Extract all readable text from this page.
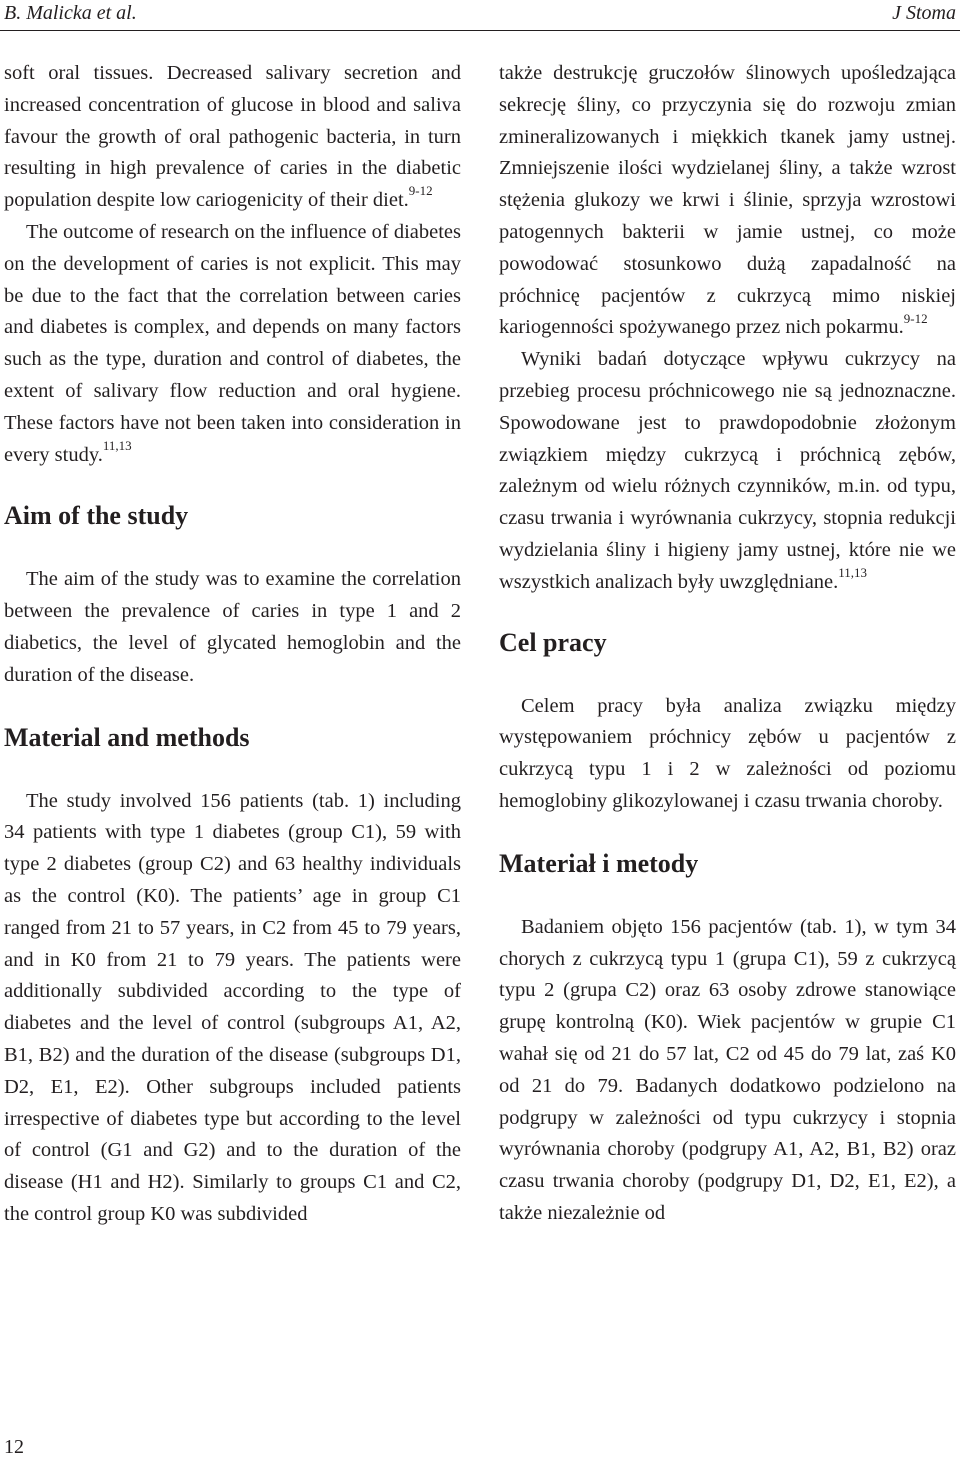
B. Malicka et al.	J Stoma

soft oral tissues. Decreased salivary secretion and increased concentration of glucose in blood and saliva favour the growth of oral pathogenic bacteria, in turn resulting in high prevalence of caries in the diabetic population despite low cariogenicity of their diet.$^{9-12}$

The outcome of research on the influence of diabetes on the development of caries is not explicit. This may be due to the fact that the correlation between caries and diabetes is complex, and depends on many factors such as the type, duration and control of diabetes, the extent of salivary flow reduction and oral hygiene. These factors have not been taken into consideration in every study.$^{11,13}$

Aim of the study

The aim of the study was to examine the correlation between the prevalence of caries in type 1 and 2 diabetics, the level of glycated hemoglobin and the duration of the disease.

Material and methods

The study involved 156 patients (tab. 1) including 34 patients with type 1 diabetes (group C1), 59 with type 2 diabetes (group C2) and 63 healthy individuals as the control (K0). The patients’ age in group C1 ranged from 21 to 57 years, in C2 from 45 to 79 years, and in K0 from 21 to 79 years. The patients were additionally subdivided according to the type of diabetes and the level of control (subgroups A1, A2, B1, B2) and the duration of the disease (subgroups D1, D2, E1, E2). Other subgroups included patients irrespective of diabetes type but according to the level of control (G1 and G2) and to the duration of the disease (H1 and H2). Similarly to groups C1 and C2, the control group K0 was subdivided

także destrukcję gruczołów ślinowych upośledzająca sekrecję śliny, co przyczynia się do rozwoju zmian zmineralizowanych i miękkich tkanek jamy ustnej. Zmniejszenie ilości wydzielanej śliny, a także wzrost stężenia glukozy we krwi i ślinie, sprzyja wzrostowi patogennych bakterii w jamie ustnej, co może powodować stosunkowo dużą zapadalność na próchnicę pacjentów z cukrzycą mimo niskiej kariogenności spożywanego przez nich pokarmu.$^{9-12}$

Wyniki badań dotyczące wpływu cukrzycy na przebieg procesu próchnicowego nie są jednoznaczne. Spowodowane jest to prawdopodobnie złożonym związkiem między cukrzycą i próchnicą zębów, zależnym od wielu różnych czynników, m.in. od typu, czasu trwania i wyrównania cukrzycy, stopnia redukcji wydzielania śliny i higieny jamy ustnej, które nie we wszystkich analizach były uwzględniane.$^{11,13}$

Cel pracy

Celem pracy była analiza związku między występowaniem próchnicy zębów u pacjentów z cukrzycą typu 1 i 2 w zależności od poziomu hemoglobiny glikozylowanej i czasu trwania choroby.

Materiał i metody

Badaniem objęto 156 pacjentów (tab. 1), w tym 34 chorych z cukrzycą typu 1 (grupa C1), 59 z cukrzycą typu 2 (grupa C2) oraz 63 osoby zdrowe stanowiące grupę kontrolną (K0). Wiek pacjentów w grupie C1 wahał się od 21 do 57 lat, C2 od 45 do 79 lat, zaś K0 od 21 do 79. Badanych dodatkowo podzielono na podgrupy w zależności od typu cukrzycy i stopnia wyrównania choroby (podgrupy A1, A2, B1, B2) oraz czasu trwania choroby (podgrupy D1, D2, E1, E2), a także niezależnie od

12
